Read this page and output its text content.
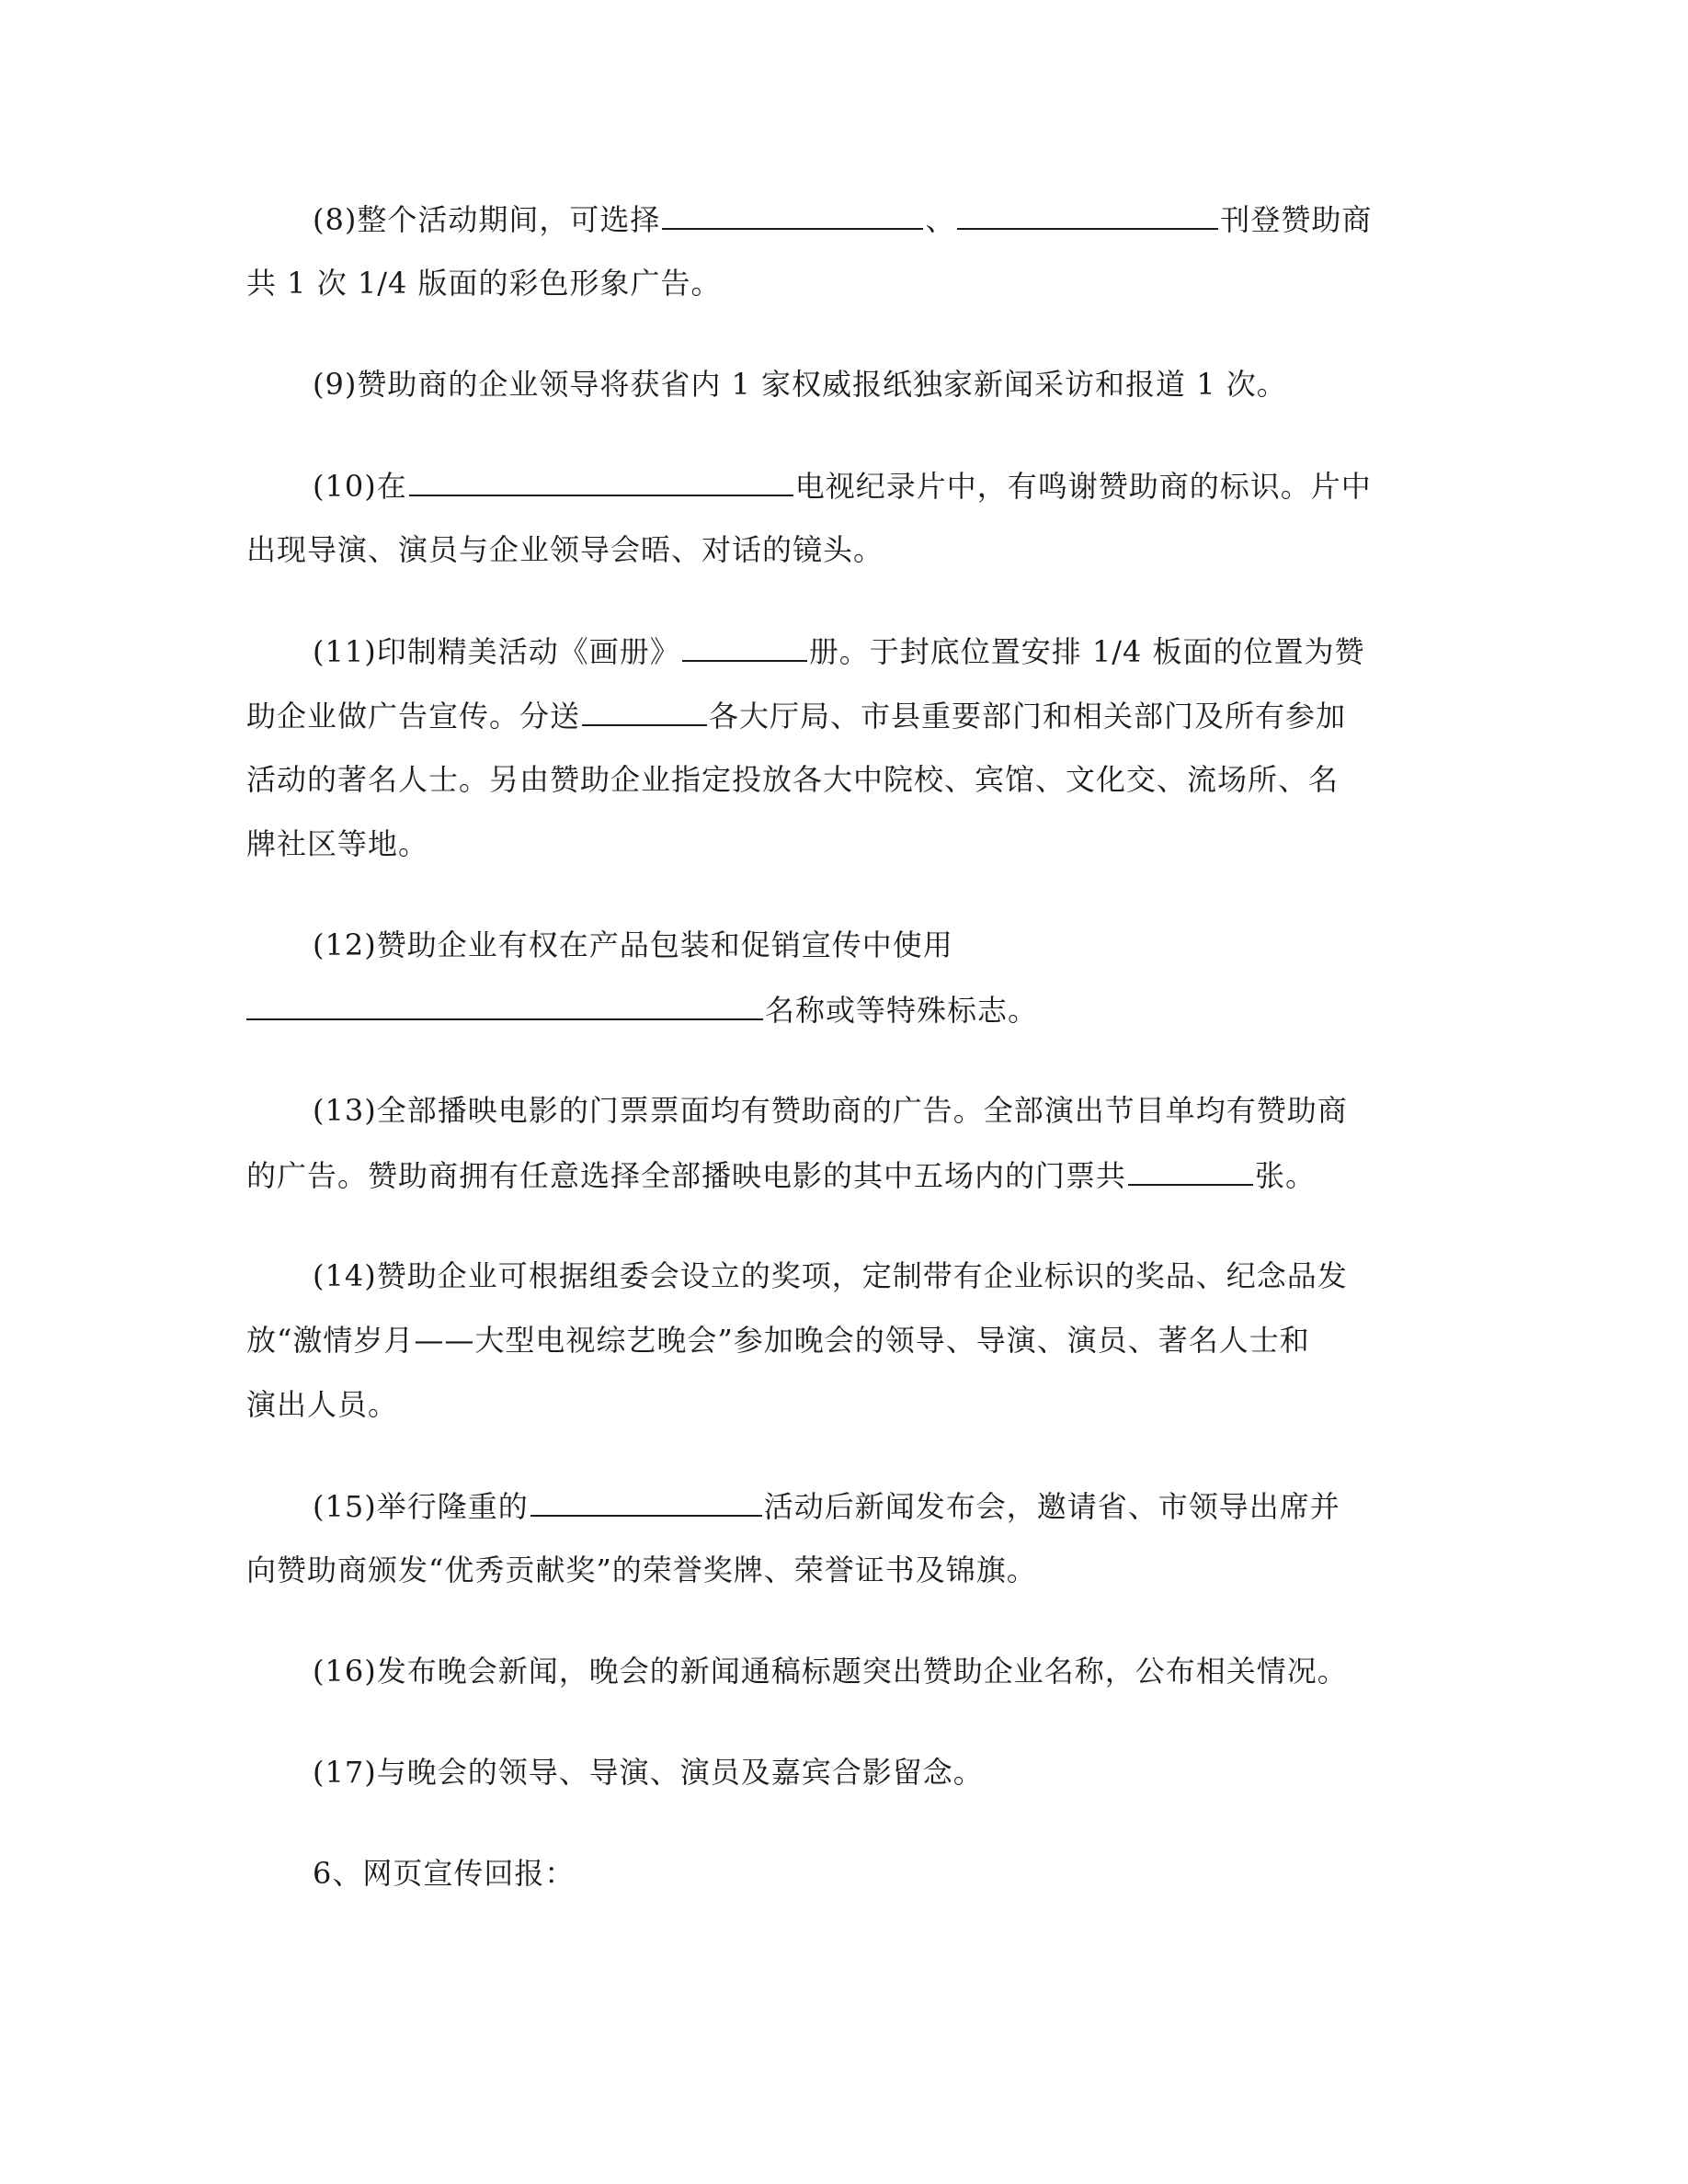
(8)整个活动期间，可选择	、	刊登赞助商
共 1 次 1/4 版面的彩色形象广告。
(9)赞助商的企业领导将获省内 1 家权威报纸独家新闻采访和报道 1 次。
(10)在	电视纪录片中，有鸣谢赞助商的标识。片中
出现导演、演员与企业领导会晤、对话的镜头。
(11)印制精美活动《画册》	册。于封底位置安排 1/4 板面的位置为赞
助企业做广告宣传。分送	各大厅局、市县重要部门和相关部门及所有参加
活动的著名人士。另由赞助企业指定投放各大中院校、宾馆、文化交、流场所、名
牌社区等地。
(12)赞助企业有权在产品包装和促销宣传中使用
名称或等特殊标志。
(13)全部播映电影的门票票面均有赞助商的广告。全部演出节目单均有赞助商
的广告。赞助商拥有任意选择全部播映电影的其中五场内的门票共	张。
(14)赞助企业可根据组委会设立的奖项，定制带有企业标识的奖品、纪念品发
放“激情岁月——大型电视综艺晚会”参加晚会的领导、导演、演员、著名人士和
演出人员。
(15)举行隆重的	活动后新闻发布会，邀请省、市领导出席并
向赞助商颁发“优秀贡献奖”的荣誉奖牌、荣誉证书及锦旗。
(16)发布晚会新闻，晚会的新闻通稿标题突出赞助企业名称，公布相关情况。
(17)与晚会的领导、导演、演员及嘉宾合影留念。
6、网页宣传回报：
